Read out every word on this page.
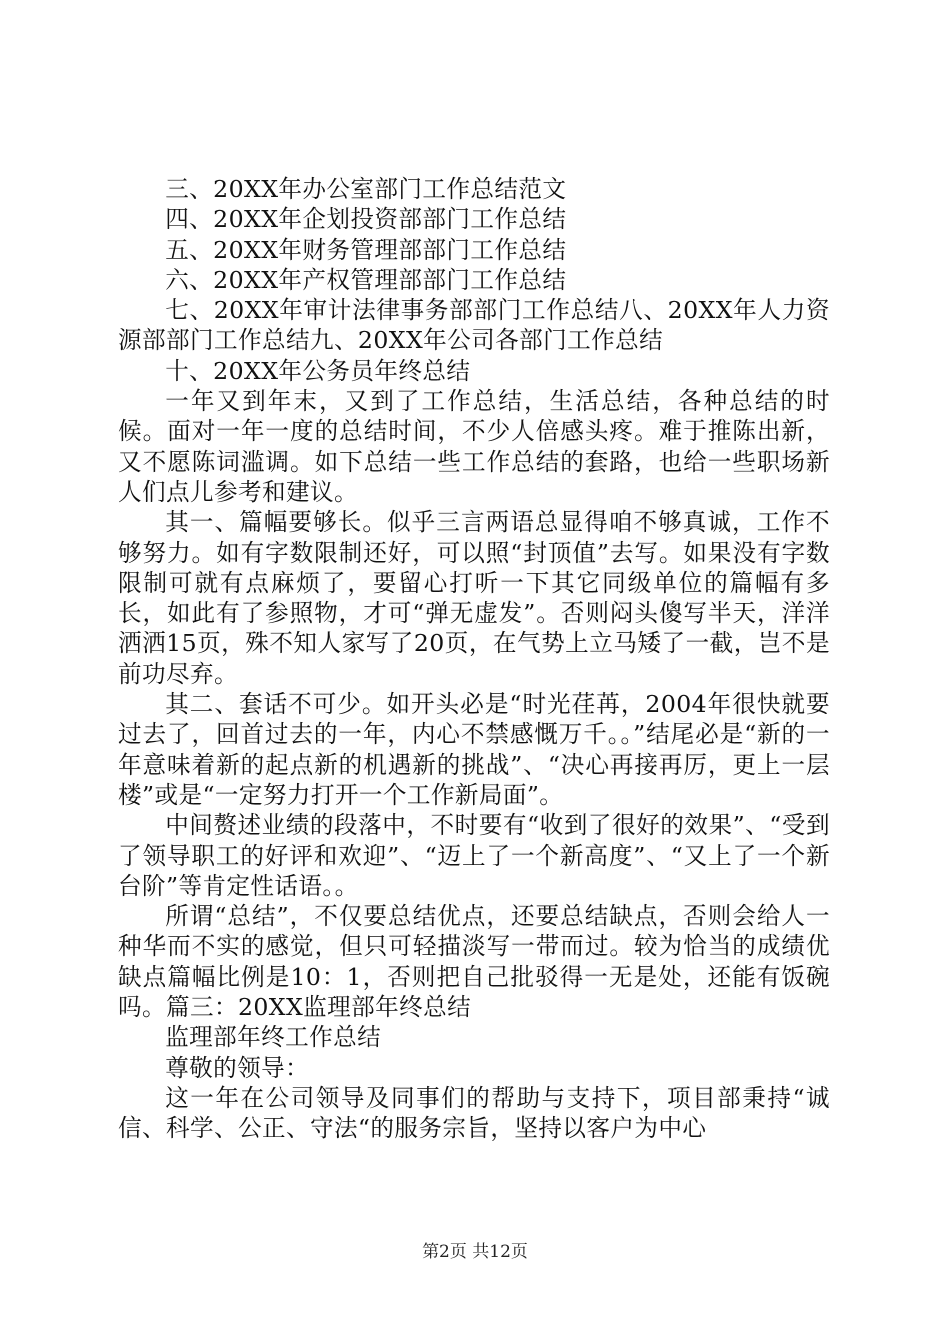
三、20XX年办公室部门工作总结范文

四、20XX年企划投资部部门工作总结

五、20XX年财务管理部部门工作总结

六、20XX年产权管理部部门工作总结

七、20XX年审计法律事务部部门工作总结八、20XX年人力资源部部门工作总结九、20XX年公司各部门工作总结

十、20XX年公务员年终总结

一年又到年末，又到了工作总结，生活总结，各种总结的时候。面对一年一度的总结时间，不少人倍感头疼。难于推陈出新，又不愿陈词滥调。如下总结一些工作总结的套路，也给一些职场新人们点儿参考和建议。

其一、篇幅要够长。似乎三言两语总显得咱不够真诚，工作不够努力。如有字数限制还好，可以照“封顶值”去写。如果没有字数限制可就有点麻烦了，要留心打听一下其它同级单位的篇幅有多长，如此有了参照物，才可“弹无虚发”。否则闷头傻写半天，洋洋洒洒15页，殊不知人家写了20页，在气势上立马矮了一截，岂不是前功尽弃。

其二、套话不可少。如开头必是“时光荏苒，2004年很快就要过去了，回首过去的一年，内心不禁感慨万千。。”结尾必是“新的一年意味着新的起点新的机遇新的挑战”、“决心再接再厉，更上一层楼”或是“一定努力打开一个工作新局面”。

中间赘述业绩的段落中，不时要有“收到了很好的效果”、“受到了领导职工的好评和欢迎”、“迈上了一个新高度”、“又上了一个新台阶”等肯定性话语。。

所谓“总结”，不仅要总结优点，还要总结缺点，否则会给人一种华而不实的感觉，但只可轻描淡写一带而过。较为恰当的成绩优缺点篇幅比例是10：1，否则把自己批驳得一无是处，还能有饭碗吗。篇三：20XX监理部年终总结

监理部年终工作总结

尊敬的领导：

这一年在公司领导及同事们的帮助与支持下，项目部秉持“诚信、科学、公正、守法“的服务宗旨，坚持以客户为中心

第2页 共12页
